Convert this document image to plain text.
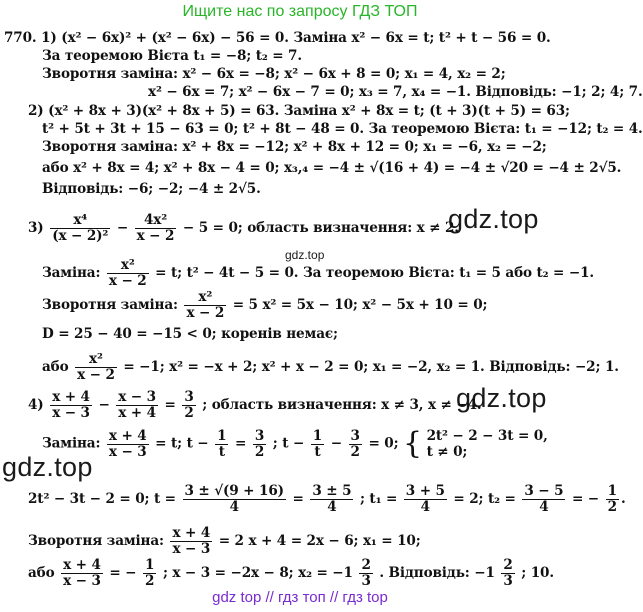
Ищите нас по запросу ГДЗ ТОП
770. 1) (x² − 6x)² + (x² − 6x) − 56 = 0. Заміна x² − 6x = t; t² + t − 56 = 0.
За теоремою Вієта t₁ = −8; t₂ = 7.
Зворотня заміна: x² − 6x = −8; x² − 6x + 8 = 0; x₁ = 4, x₂ = 2;
x² − 6x = 7; x² − 6x − 7 = 0; x₃ = 7, x₄ = −1. Відповідь: −1; 2; 4; 7.
2) (x² + 8x + 3)(x² + 8x + 5) = 63. Заміна x² + 8x = t; (t + 3)(t + 5) = 63;
t² + 5t + 3t + 15 − 63 = 0; t² + 8t − 48 = 0. За теоремою Вієта: t₁ = −12; t₂ = 4.
Зворотня заміна: x² + 8x = −12; x² + 8x + 12 = 0; x₁ = −6, x₂ = −2;
або x² + 8x = 4; x² + 8x − 4 = 0; x₃,₄ = −4 ± √(16 + 4) = −4 ± √20 = −4 ± 2√5.
Відповідь: −6; −2; −4 ± 2√5.
gdz.top
$3) \frac{\text{x⁴}}{\text{(x − 2)²}} - \frac{\text{4x²}}{x - 2} - 5 = 0$; область визначення: x ≠ 2.
gdz.top
Заміна: $\frac{\text{x²}}{x - 2} = t$; t² − 4t − 5 = 0. За теоремою Вієта: t₁ = 5 або t₂ = −1.
Зворотня заміна: $\frac{\text{x²}}{x - 2} = 5$ x² = 5x − 10; x² − 5x + 10 = 0;
D = 25 − 40 = −15 < 0; коренів немає;
або $\frac{\text{x²}}{x - 2} = -1$; x² = −x + 2; x² + x − 2 = 0; x₁ = −2, x₂ = 1. Відповідь: −2; 1.
gdz.top
$4) \frac{x + 4}{x - 3} - \frac{x - 3}{x + 4} = \frac{3}{2}$ ; область визначення: x ≠ 3, x ≠ −4.
Заміна: $\frac{x + 4}{x - 3} = t$; $t - \frac{1}{t} = \frac{3}{2}$ ; $t - \frac{1}{t} - \frac{3}{2} = 0$; { 2t² − 2 − 3t = 0,
t ≠ 0;
gdz.top
2t² − 3t − 2 = 0; $t = \frac{3 \pm √(9 + 16)}{4} = \frac{3 \pm 5}{4}$ ; $t_1 = \frac{3 + 5}{4} = 2$; $t_2 = \frac{3 - 5}{4}$ = − $\frac{1}{2}$ .
Зворотня заміна: $\frac{x + 4}{x - 3} = 2$ x + 4 = 2x − 6; x₁ = 10;
або $\frac{x + 4}{x - 3}$ = − $\frac{1}{2}$ ; x − 3 = −2x − 8; $x_2 = -1 \frac{2}{3}$ . Відповідь: $-1 \frac{2}{3}$ ; 10.
gdz top // гдз топ // гдз top
